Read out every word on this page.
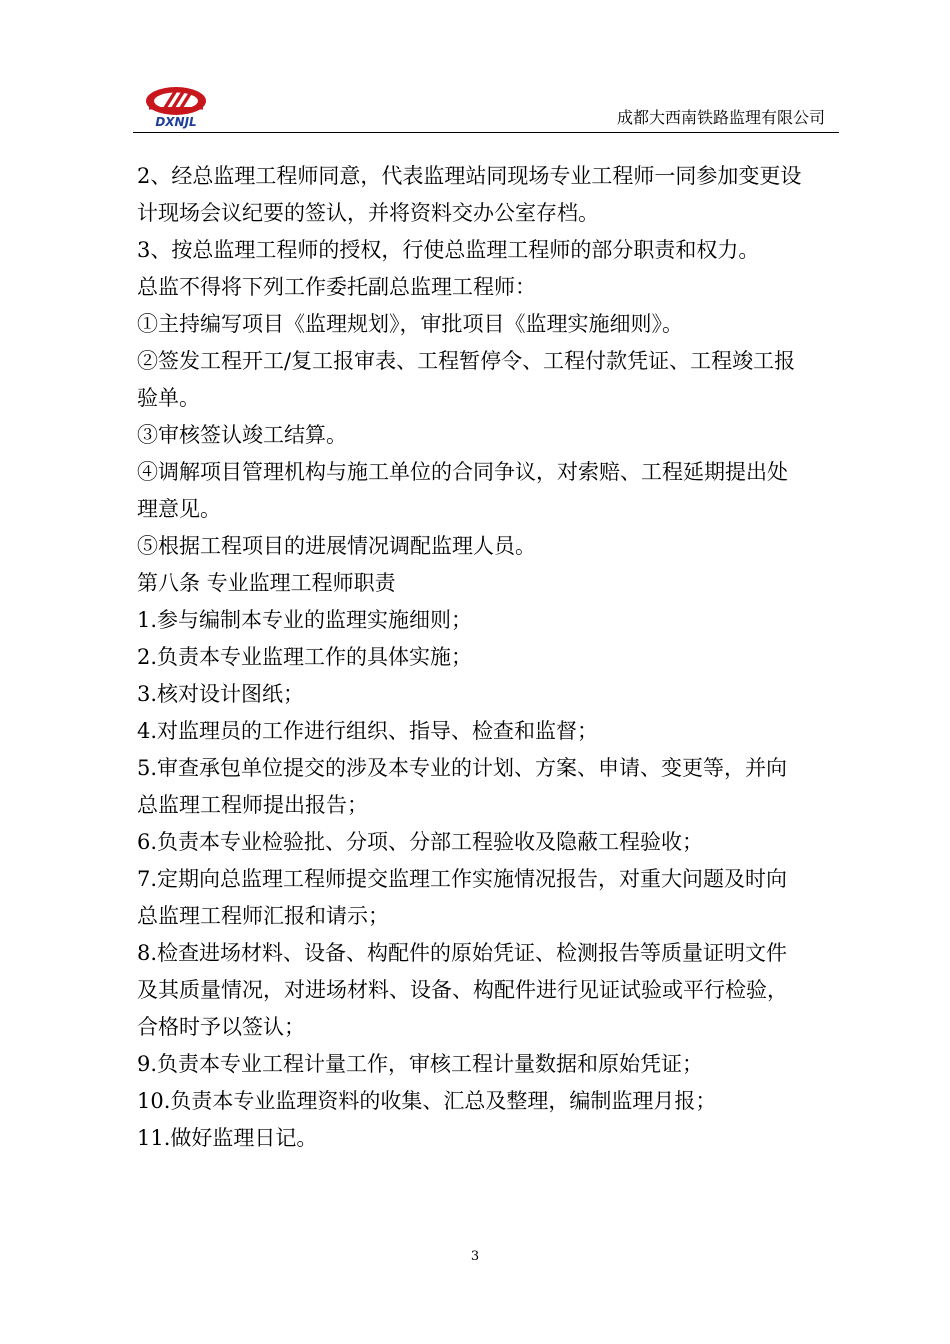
DXNJL	成都大西南铁路监理有限公司
2、经总监理工程师同意，代表监理站同现场专业工程师一同参加变更设
计现场会议纪要的签认，并将资料交办公室存档。
3、按总监理工程师的授权，行使总监理工程师的部分职责和权力。
总监不得将下列工作委托副总监理工程师：
①主持编写项目《监理规划》，审批项目《监理实施细则》。
②签发工程开工/复工报审表、工程暂停令、工程付款凭证、工程竣工报
验单。
③审核签认竣工结算。
④调解项目管理机构与施工单位的合同争议，对索赔、工程延期提出处
理意见。
⑤根据工程项目的进展情况调配监理人员。
第八条 专业监理工程师职责
1.参与编制本专业的监理实施细则；
2.负责本专业监理工作的具体实施；
3.核对设计图纸；
4.对监理员的工作进行组织、指导、检查和监督；
5.审查承包单位提交的涉及本专业的计划、方案、申请、变更等，并向
总监理工程师提出报告；
6.负责本专业检验批、分项、分部工程验收及隐蔽工程验收；
7.定期向总监理工程师提交监理工作实施情况报告，对重大问题及时向
总监理工程师汇报和请示；
8.检查进场材料、设备、构配件的原始凭证、检测报告等质量证明文件
及其质量情况，对进场材料、设备、构配件进行见证试验或平行检验，
合格时予以签认；
9.负责本专业工程计量工作，审核工程计量数据和原始凭证；
10.负责本专业监理资料的收集、汇总及整理，编制监理月报；
11.做好监理日记。
3
